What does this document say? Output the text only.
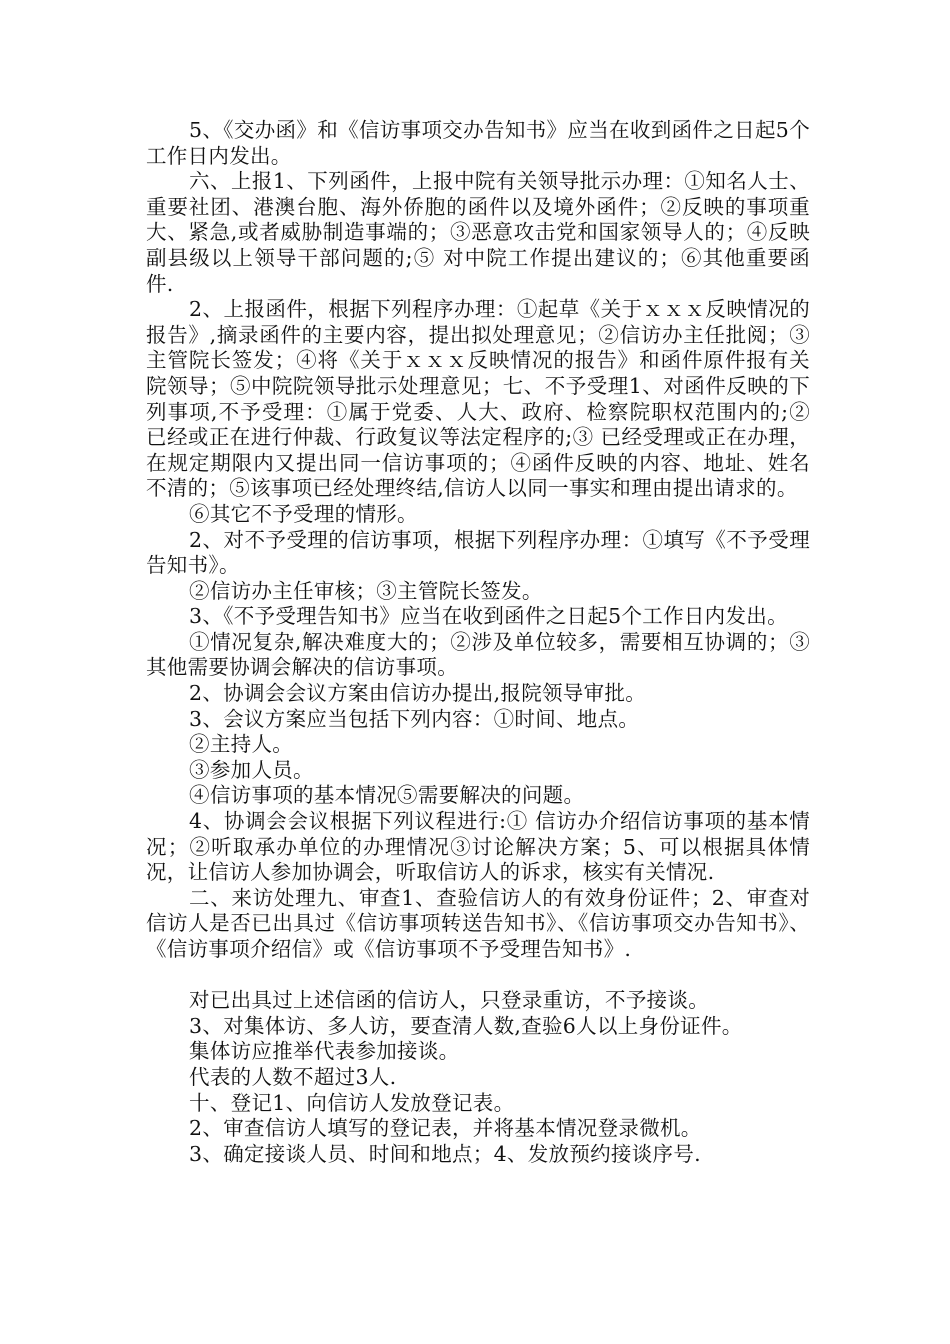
5、《交办函》和《信访事项交办告知书》应当在收到函件之日起5个工作日内发出。

六、上报1、下列函件，上报中院有关领导批示办理：①知名人士、重要社团、港澳台胞、海外侨胞的函件以及境外函件；②反映的事项重大、紧急,或者威胁制造事端的；③恶意攻击党和国家领导人的；④反映副县级以上领导干部问题的;⑤ 对中院工作提出建议的；⑥其他重要函件.

2、上报函件，根据下列程序办理：①起草《关于ｘｘｘ反映情况的报告》,摘录函件的主要内容，提出拟处理意见；②信访办主任批阅；③主管院长签发；④将《关于ｘｘｘ反映情况的报告》和函件原件报有关院领导；⑤中院院领导批示处理意见；七、不予受理1、对函件反映的下列事项,不予受理：①属于党委、人大、政府、检察院职权范围内的;② 已经或正在进行仲裁、行政复议等法定程序的;③ 已经受理或正在办理，在规定期限内又提出同一信访事项的；④函件反映的内容、地址、姓名不清的；⑤该事项已经处理终结,信访人以同一事实和理由提出请求的。

⑥其它不予受理的情形。

2、对不予受理的信访事项，根据下列程序办理：①填写《不予受理告知书》。

②信访办主任审核；③主管院长签发。

3、《不予受理告知书》应当在收到函件之日起5个工作日内发出。

①情况复杂,解决难度大的；②涉及单位较多，需要相互协调的；③其他需要协调会解决的信访事项。

2、协调会会议方案由信访办提出,报院领导审批。

3、会议方案应当包括下列内容：①时间、地点。

②主持人。

③参加人员。

④信访事项的基本情况⑤需要解决的问题。

4、协调会会议根据下列议程进行:① 信访办介绍信访事项的基本情况；②听取承办单位的办理情况③讨论解决方案；5、可以根据具体情况，让信访人参加协调会，听取信访人的诉求，核实有关情况.

二、来访处理九、审查1、查验信访人的有效身份证件；2、审查对信访人是否已出具过《信访事项转送告知书》、《信访事项交办告知书》、《信访事项介绍信》或《信访事项不予受理告知书》.

对已出具过上述信函的信访人，只登录重访，不予接谈。

3、对集体访、多人访，要查清人数,查验6人以上身份证件。

集体访应推举代表参加接谈。

代表的人数不超过3人.

十、登记1、向信访人发放登记表。

2、审查信访人填写的登记表，并将基本情况登录微机。

3、确定接谈人员、时间和地点；4、发放预约接谈序号.
